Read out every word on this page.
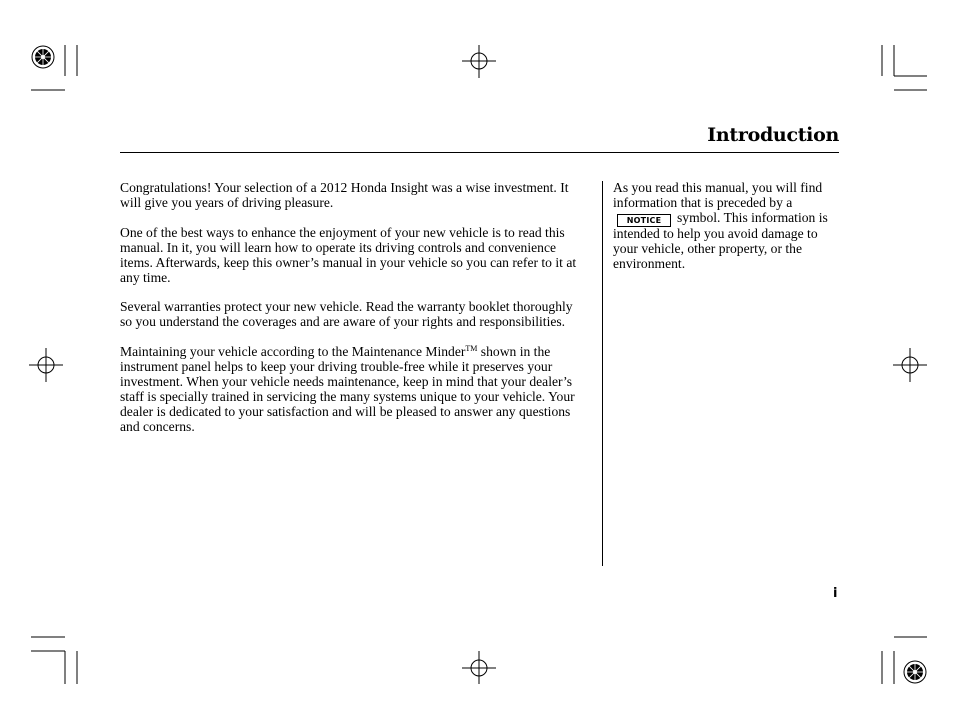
Introduction

Congratulations! Your selection of a 2012 Honda Insight was a wise investment. It will give you years of driving pleasure.

One of the best ways to enhance the enjoyment of your new vehicle is to read this manual. In it, you will learn how to operate its driving controls and convenience items. Afterwards, keep this owner’s manual in your vehicle so you can refer to it at any time.

Several warranties protect your new vehicle. Read the warranty booklet thoroughly so you understand the coverages and are aware of your rights and responsibilities.

Maintaining your vehicle according to the Maintenance Minder™ shown in the instrument panel helps to keep your driving trouble-free while it preserves your investment. When your vehicle needs maintenance, keep in mind that your dealer’s staff is specially trained in servicing the many systems unique to your vehicle. Your dealer is dedicated to your satisfaction and will be pleased to answer any questions and concerns.

As you read this manual, you will find information that is preceded by aNOTICE symbol. This information is intended to help you avoid damage to your vehicle, other property, or the environment.

i
